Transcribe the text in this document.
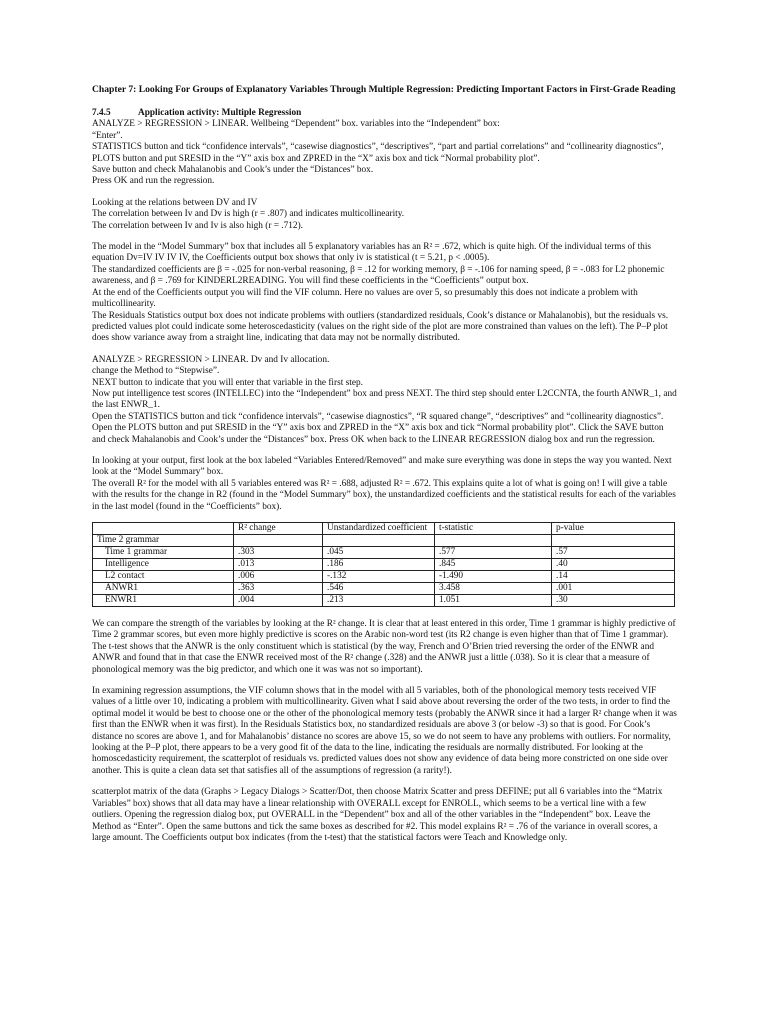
Chapter 7: Looking For Groups of Explanatory Variables Through Multiple Regression: Predicting Important Factors in First-Grade Reading

7.4.5	Application activity: Multiple Regression

ANALYZE > REGRESSION > LINEAR. Wellbeing “Dependent” box. variables into the “Independent” box:

“Enter”.

STATISTICS button and tick “confidence intervals”, “casewise diagnostics”, “descriptives”, “part and partial correlations” and “collinearity diagnostics”,

PLOTS button and put SRESID in the “Y” axis box and ZPRED in the “X” axis box and tick “Normal probability plot”.

Save button and check Mahalanobis and Cook’s under the “Distances” box.

Press OK and run the regression.

Looking at the relations between DV and IV

The correlation between Iv and Dv is high (r = .807) and indicates multicollinearity.

The correlation between Iv and Iv is also high (r = .712).

The model in the “Model Summary” box that includes all 5 explanatory variables has an R² = .672, which is quite high. Of the individual terms of this equation Dv=IV IV IV IV, the Coefficients output box shows that only iv is statistical (t = 5.21, p < .0005).

The standardized coefficients are β = -.025 for non-verbal reasoning, β = .12 for working memory, β = -.106 for naming speed, β = -.083 for L2 phonemic awareness, and β = .769 for KINDERL2READING. You will find these coefficients in the “Coefficients” output box.

At the end of the Coefficients output you will find the VIF column. Here no values are over 5, so presumably this does not indicate a problem with multicollinearity.

The Residuals Statistics output box does not indicate problems with outliers (standardized residuals, Cook’s distance or Mahalanobis), but the residuals vs. predicted values plot could indicate some heteroscedasticity (values on the right side of the plot are more constrained than values on the left). The P–P plot does show variance away from a straight line, indicating that data may not be normally distributed.

ANALYZE > REGRESSION > LINEAR. Dv and Iv allocation.

change the Method to “Stepwise”.

NEXT button to indicate that you will enter that variable in the first step.

Now put intelligence test scores (INTELLEC) into the “Independent” box and press NEXT. The third step should enter L2CCNTA, the fourth ANWR_1, and the last ENWR_1.

Open the STATISTICS button and tick “confidence intervals”, “casewise diagnostics”, “R squared change”, “descriptives” and “collinearity diagnostics”. Open the PLOTS button and put SRESID in the “Y” axis box and ZPRED in the “X” axis box and tick “Normal probability plot”. Click the SAVE button and check Mahalanobis and Cook’s under the “Distances” box. Press OK when back to the LINEAR REGRESSION dialog box and run the regression.

In looking at your output, first look at the box labeled “Variables Entered/Removed” and make sure everything was done in steps the way you wanted. Next look at the “Model Summary” box.

The overall R² for the model with all 5 variables entered was R² = .688, adjusted R² = .672. This explains quite a lot of what is going on! I will give a table with the results for the change in R2 (found in the “Model Summary” box), the unstandardized coefficients and the statistical results for each of the variables in the last model (found in the “Coefficients” box).

	R² change	Unstandardized coefficient	t-statistic	p-value
Time 2 grammar				
Time 1 grammar	.303	.045	.577	.57
Intelligence	.013	.186	.845	.40
L2 contact	.006	-.132	-1.490	.14
ANWR1	.363	.546	3.458	.001
ENWR1	.004	.213	1.051	.30

We can compare the strength of the variables by looking at the R² change. It is clear that at least entered in this order, Time 1 grammar is highly predictive of Time 2 grammar scores, but even more highly predictive is scores on the Arabic non-word test (its R2 change is even higher than that of Time 1 grammar). The t-test shows that the ANWR is the only constituent which is statistical (by the way, French and O’Brien tried reversing the order of the ENWR and ANWR and found that in that case the ENWR received most of the R² change (.328) and the ANWR just a little (.038). So it is clear that a measure of phonological memory was the big predictor, and which one it was was not so important).

In examining regression assumptions, the VIF column shows that in the model with all 5 variables, both of the phonological memory tests received VIF values of a little over 10, indicating a problem with multicollinearity. Given what I said above about reversing the order of the two tests, in order to find the optimal model it would be best to choose one or the other of the phonological memory tests (probably the ANWR since it had a larger R² change when it was first than the ENWR when it was first). In the Residuals Statistics box, no standardized residuals are above 3 (or below -3) so that is good. For Cook’s distance no scores are above 1, and for Mahalanobis’ distance no scores are above 15, so we do not seem to have any problems with outliers. For normality, looking at the P–P plot, there appears to be a very good fit of the data to the line, indicating the residuals are normally distributed. For looking at the homoscedasticity requirement, the scatterplot of residuals vs. predicted values does not show any evidence of data being more constricted on one side over another. This is quite a clean data set that satisfies all of the assumptions of regression (a rarity!).

scatterplot matrix of the data (Graphs > Legacy Dialogs > Scatter/Dot, then choose Matrix Scatter and press DEFINE; put all 6 variables into the “Matrix Variables” box) shows that all data may have a linear relationship with OVERALL except for ENROLL, which seems to be a vertical line with a few outliers. Opening the regression dialog box, put OVERALL in the “Dependent” box and all of the other variables in the “Independent” box. Leave the Method as “Enter”. Open the same buttons and tick the same boxes as described for #2. This model explains R² = .76 of the variance in overall scores, a large amount. The Coefficients output box indicates (from the t-test) that the statistical factors were Teach and Knowledge only.
